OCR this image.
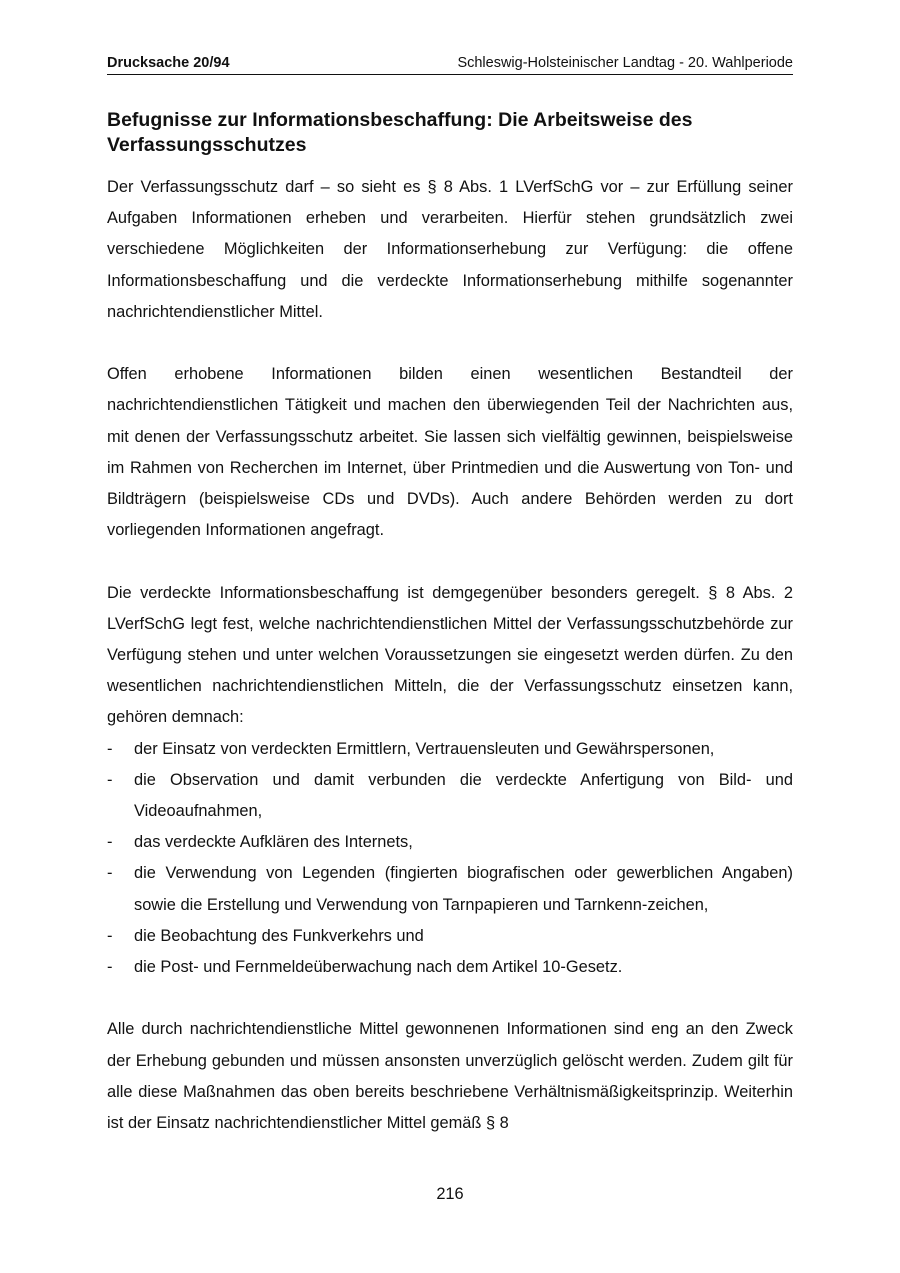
Drucksache 20/94	Schleswig-Holsteinischer Landtag - 20. Wahlperiode
Befugnisse zur Informationsbeschaffung: Die Arbeitsweise des Verfassungsschutzes

Der Verfassungsschutz darf – so sieht es § 8 Abs. 1 LVerfSchG vor – zur Erfüllung seiner Aufgaben Informationen erheben und verarbeiten. Hierfür stehen grundsätzlich zwei verschiedene Möglichkeiten der Informationserhebung zur Verfügung: die offene Informationsbeschaffung und die verdeckte Informationserhebung mithilfe sogenannter nachrichtendienstlicher Mittel.

Offen erhobene Informationen bilden einen wesentlichen Bestandteil der nachrichtendienstlichen Tätigkeit und machen den überwiegenden Teil der Nachrichten aus, mit denen der Verfassungsschutz arbeitet. Sie lassen sich vielfältig gewinnen, beispielsweise im Rahmen von Recherchen im Internet, über Printmedien und die Auswertung von Ton- und Bildträgern (beispielsweise CDs und DVDs). Auch andere Behörden werden zu dort vorliegenden Informationen angefragt.

Die verdeckte Informationsbeschaffung ist demgegenüber besonders geregelt. § 8 Abs. 2 LVerfSchG legt fest, welche nachrichtendienstlichen Mittel der Verfassungsschutzbehörde zur Verfügung stehen und unter welchen Voraussetzungen sie eingesetzt werden dürfen. Zu den wesentlichen nachrichtendienstlichen Mitteln, die der Verfassungsschutz einsetzen kann, gehören demnach:

- der Einsatz von verdeckten Ermittlern, Vertrauensleuten und Gewährspersonen,
- die Observation und damit verbunden die verdeckte Anfertigung von Bild- und Videoaufnahmen,
- das verdeckte Aufklären des Internets,
- die Verwendung von Legenden (fingierten biografischen oder gewerblichen Angaben) sowie die Erstellung und Verwendung von Tarnpapieren und Tarnkenn-zeichen,
- die Beobachtung des Funkverkehrs und
- die Post- und Fernmeldeüberwachung nach dem Artikel 10-Gesetz.

Alle durch nachrichtendienstliche Mittel gewonnenen Informationen sind eng an den Zweck der Erhebung gebunden und müssen ansonsten unverzüglich gelöscht werden. Zudem gilt für alle diese Maßnahmen das oben bereits beschriebene Verhältnismäßigkeitsprinzip. Weiterhin ist der Einsatz nachrichtendienstlicher Mittel gemäß § 8

216
